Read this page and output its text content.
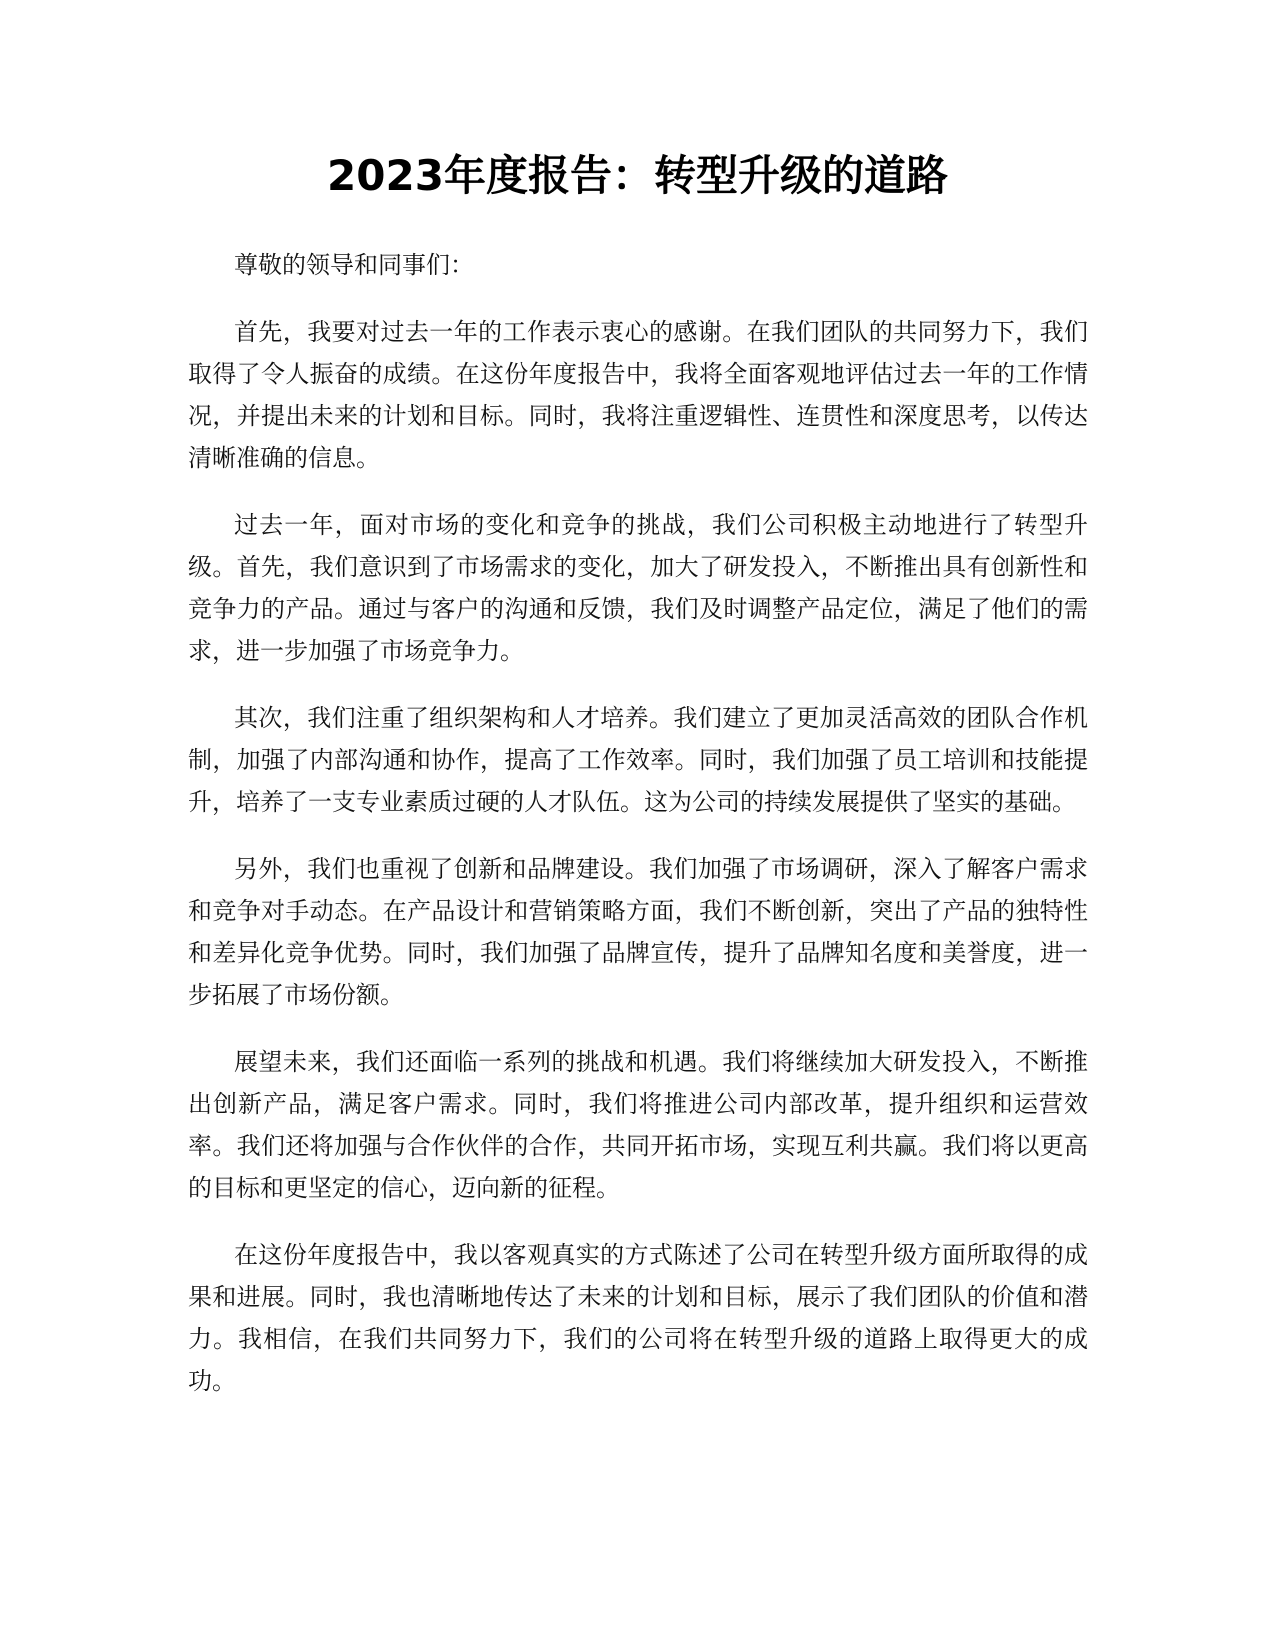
2023年度报告：转型升级的道路

尊敬的领导和同事们：

首先，我要对过去一年的工作表示衷心的感谢。在我们团队的共同努力下，我们取得了令人振奋的成绩。在这份年度报告中，我将全面客观地评估过去一年的工作情况，并提出未来的计划和目标。同时，我将注重逻辑性、连贯性和深度思考，以传达清晰准确的信息。

过去一年，面对市场的变化和竞争的挑战，我们公司积极主动地进行了转型升级。首先，我们意识到了市场需求的变化，加大了研发投入，不断推出具有创新性和竞争力的产品。通过与客户的沟通和反馈，我们及时调整产品定位，满足了他们的需求，进一步加强了市场竞争力。

其次，我们注重了组织架构和人才培养。我们建立了更加灵活高效的团队合作机制，加强了内部沟通和协作，提高了工作效率。同时，我们加强了员工培训和技能提升，培养了一支专业素质过硬的人才队伍。这为公司的持续发展提供了坚实的基础。

另外，我们也重视了创新和品牌建设。我们加强了市场调研，深入了解客户需求和竞争对手动态。在产品设计和营销策略方面，我们不断创新，突出了产品的独特性和差异化竞争优势。同时，我们加强了品牌宣传，提升了品牌知名度和美誉度，进一步拓展了市场份额。

展望未来，我们还面临一系列的挑战和机遇。我们将继续加大研发投入，不断推出创新产品，满足客户需求。同时，我们将推进公司内部改革，提升组织和运营效率。我们还将加强与合作伙伴的合作，共同开拓市场，实现互利共赢。我们将以更高的目标和更坚定的信心，迈向新的征程。

在这份年度报告中，我以客观真实的方式陈述了公司在转型升级方面所取得的成果和进展。同时，我也清晰地传达了未来的计划和目标，展示了我们团队的价值和潜力。我相信，在我们共同努力下，我们的公司将在转型升级的道路上取得更大的成功。
